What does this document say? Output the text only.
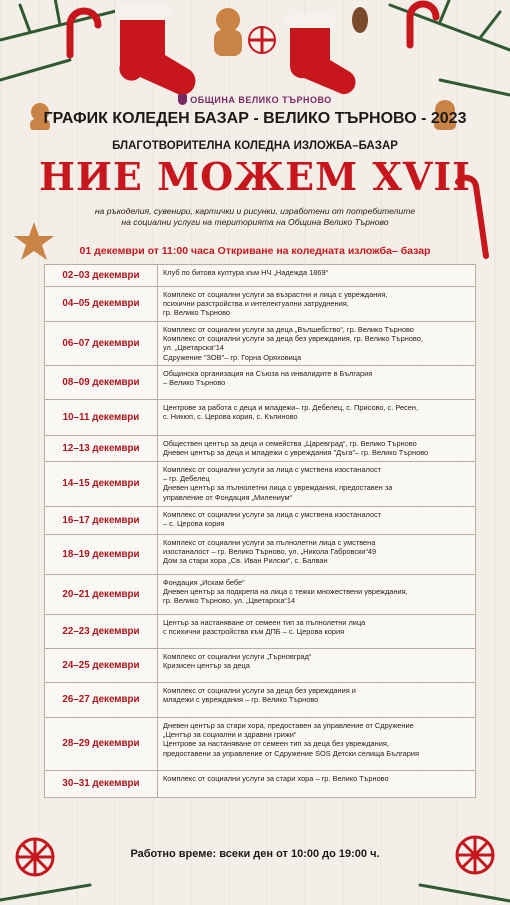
ОБЩИНА ВЕЛИКО ТЪРНОВО
ГРАФИК КОЛЕДЕН БАЗАР - ВЕЛИКО ТЪРНОВО - 2023
БЛАГОТВОРИТЕЛНА КОЛЕДНА ИЗЛОЖБА–БАЗАР
НИЕ МОЖЕМ XVII
на ръкоделия, сувенири, картички и рисунки, изработени от потребителите
на социални услуги на територията на Община Велико Търново
01 декември от 11:00 часа Откриване на коледната изложба– базар
02–03 декември	Клуб по битова култура към НЧ „Надежда 1869“

04–05 декември	Комплекс от социални услуги за възрастни и лица с увреждания,
психични разстройства и интелектуални затруднения,
гр. Велико Търново

06–07 декември	Комплекс от социални услуги за деца „Вълшебство“, гр. Велико Търново
Комплекс от социални услуги за деца без увреждания, гр. Велико Търново,
ул. „Цветарска“14
Сдружение "ЗОВ"– гр. Горна Оряховица

08–09 декември	Общинска организация на Съюза на инвалидите в България
– Велико Търново

10–11 декември	Центрове за работа с деца и младежи– гр. Дебелец, с. Присово, с. Ресен,
с. Никюп, с. Церова кория, с. Къпиново

12–13 декември	Обществен център за деца и семейства „Царевград“, гр. Велико Търново
Дневен център за деца и младежи с увреждания "Дъга"– гр. Велико Търново

14–15 декември	Комплекс от социални услуги за лица с умствена изостаналост
– гр. Дебелец
Дневен център за пълнолетни лица с увреждания, предоставен за
управление от Фондация „Милениум“

16–17 декември	Комплекс от социални услуги за лица с умствена изостаналост
– с. Церова кория

18–19 декември	Комплекс от социални услуги за пълнолетни лица с умствена
изостаналост – гр. Велико Търново, ул. „Никола Габровски“49
Дом за стари хора „Св. Иван Рилски“, с. Балван

20–21 декември	Фондация „Искам бебе“
Дневен център за подкрепа на лица с тежки множествени увреждания,
гр. Велико Търново, ул. „Цветарска“14

22–23 декември	Център за настаняване от семеен тип за пълнолетни лица
с психични разстройства към ДПБ – с. Церова кория

24–25 декември	Комплекс от социални услуги „Търновград“
Кризисен център за деца

26–27 декември	Комплекс от социални услуги за деца без увреждания и
младежи с увреждания – гр. Велико Търново

28–29 декември	Дневен център за стари хора, предоставен за управление от Сдружение
„Център за социални и здравни грижи“
Центрове за настаняване от семеен тип за деца без увреждания,
предоставени за управление от Сдружение SOS Детски селища България

30–31 декември	Комплекс от социални услуги за стари хора – гр. Велико Търново
Работно време: всеки ден от 10:00 до 19:00 ч.
